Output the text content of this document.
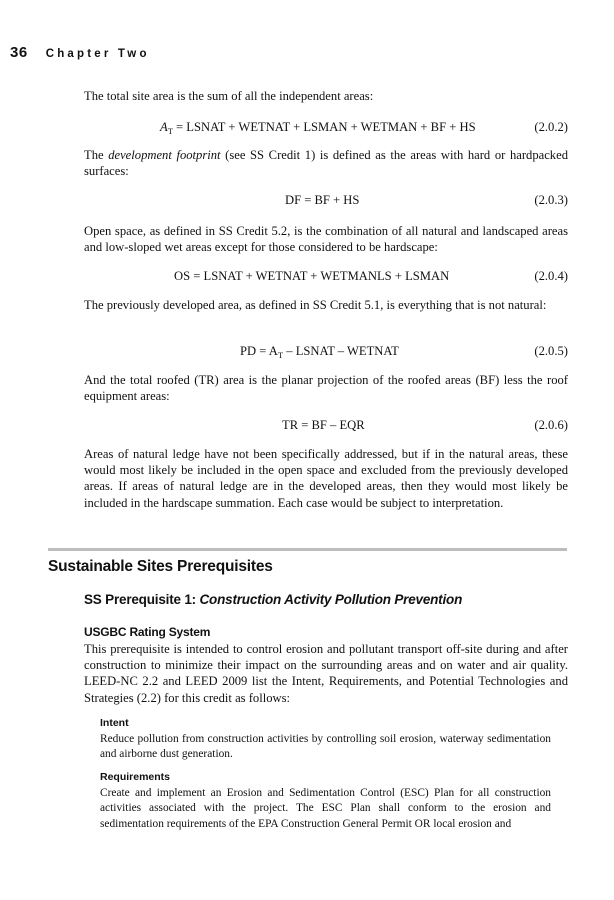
36 Chapter Two

The total site area is the sum of all the independent areas:

$A_T$ = LSNAT + WETNAT + LSMAN + WETMAN + BF + HS	(2.0.2)

The development footprint (see SS Credit 1) is defined as the areas with hard or hardpacked surfaces:

DF = BF + HS	(2.0.3)

Open space, as defined in SS Credit 5.2, is the combination of all natural and landscaped areas and low-sloped wet areas except for those considered to be hardscape:

OS = LSNAT + WETNAT + WETMANLS + LSMAN	(2.0.4)

The previously developed area, as defined in SS Credit 5.1, is everything that is not natural:

PD = $A_T$ – LSNAT – WETNAT	(2.0.5)

And the total roofed (TR) area is the planar projection of the roofed areas (BF) less the roof equipment areas:

TR = BF – EQR	(2.0.6)

Areas of natural ledge have not been specifically addressed, but if in the natural areas, these would most likely be included in the open space and excluded from the previously developed areas. If areas of natural ledge are in the developed areas, then they would most likely be included in the hardscape summation. Each case would be subject to interpretation.

Sustainable Sites Prerequisites
SS Prerequisite 1: Construction Activity Pollution Prevention
USGBC Rating System

This prerequisite is intended to control erosion and pollutant transport off-site during and after construction to minimize their impact on the surrounding areas and on water and air quality. LEED-NC 2.2 and LEED 2009 list the Intent, Requirements, and Potential Technologies and Strategies (2.2) for this credit as follows:

Intent

Reduce pollution from construction activities by controlling soil erosion, waterway sedimentation and airborne dust generation.

Requirements

Create and implement an Erosion and Sedimentation Control (ESC) Plan for all construction activities associated with the project. The ESC Plan shall conform to the erosion and sedimentation requirements of the EPA Construction General Permit OR local erosion and
